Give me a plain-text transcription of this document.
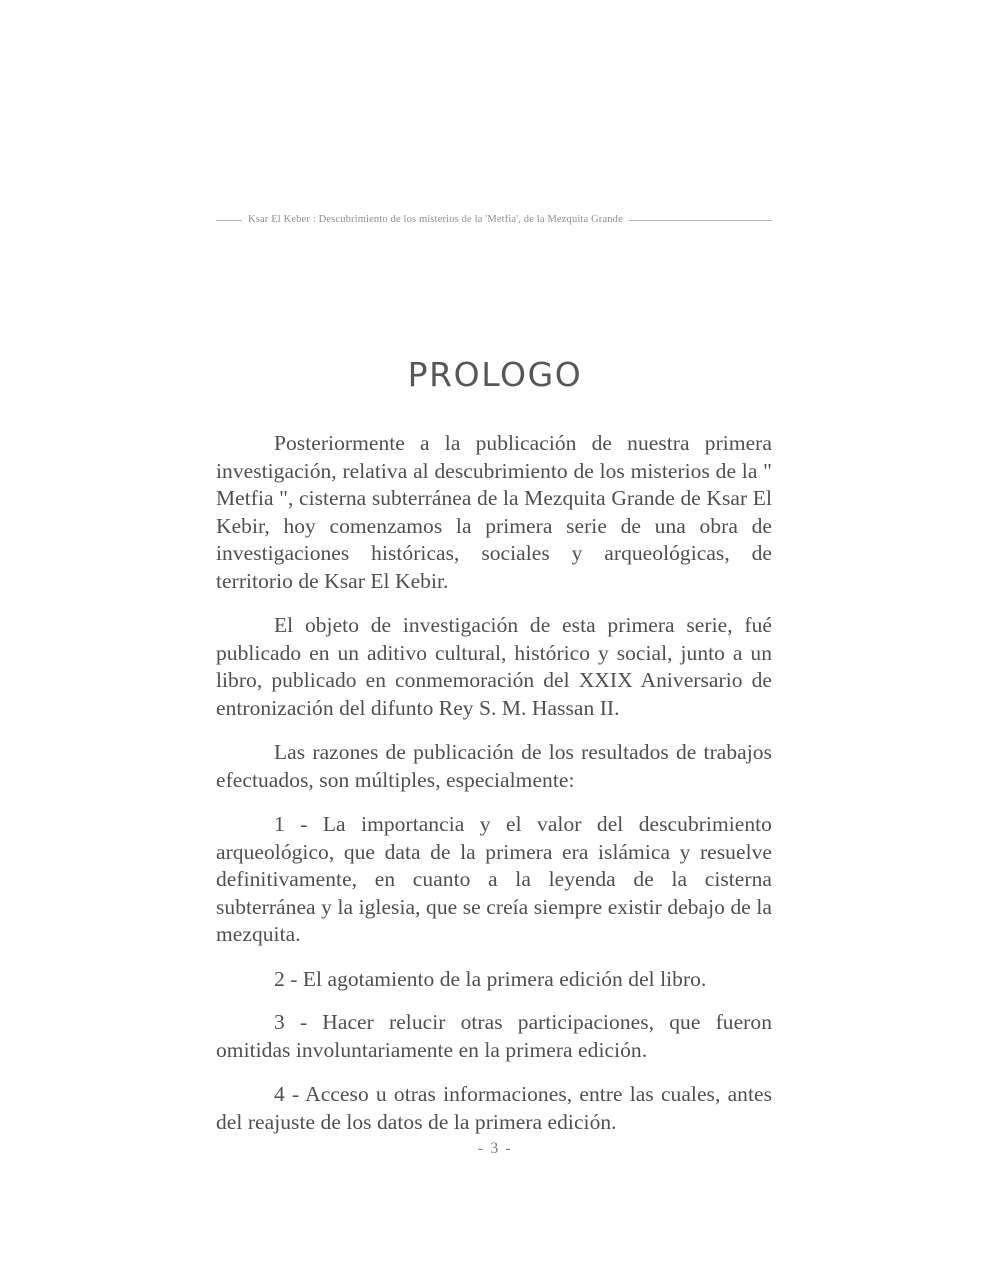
Ksar El Keber : Descubrimiento de los misterios de la 'Metfia', de la Mezquita Grande
PROLOGO

Posteriormente a la publicación de nuestra primera investigación, relativa al descubrimiento de los misterios de la " Metfia ", cisterna subterránea de la Mezquita Grande de Ksar El Kebir, hoy comenzamos la primera serie de una obra de investigaciones históricas, sociales y arqueológicas, de territorio de Ksar El Kebir.

El objeto de investigación de esta primera serie, fué publicado en un aditivo cultural, histórico y social, junto a un libro, publicado en conmemoración del XXIX Aniversario de entronización del difunto Rey S. M. Hassan II.

Las razones de publicación de los resultados de trabajos efectuados, son múltiples, especialmente:

1 - La importancia y el valor del descubrimiento arqueológico, que data de la primera era islámica y resuelve definitivamente, en cuanto a la leyenda de la cisterna subterránea y la iglesia, que se creía siempre existir debajo de la mezquita.

2 - El agotamiento de la primera edición del libro.

3 - Hacer relucir otras participaciones, que fueron omitidas involuntariamente en la primera edición.

4 - Acceso u otras informaciones, entre las cuales, antes del reajuste de los datos de la primera edición.

- 3 -
